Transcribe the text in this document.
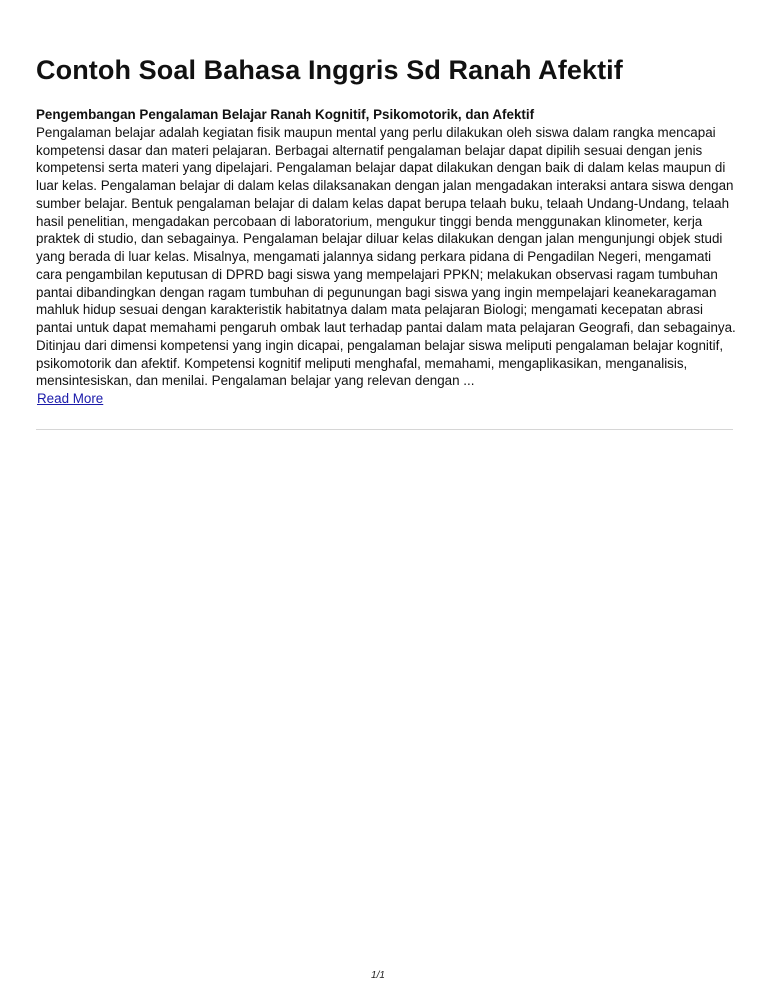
Contoh Soal Bahasa Inggris Sd Ranah Afektif
Pengembangan Pengalaman Belajar Ranah Kognitif, Psikomotorik, dan Afektif

Pengalaman belajar adalah kegiatan fisik maupun mental yang perlu dilakukan oleh siswa dalam rangka mencapai kompetensi dasar dan materi pelajaran. Berbagai alternatif pengalaman belajar dapat dipilih sesuai dengan jenis kompetensi serta materi yang dipelajari. Pengalaman belajar dapat dilakukan dengan baik di dalam kelas maupun di luar kelas. Pengalaman belajar di dalam kelas dilaksanakan dengan jalan mengadakan interaksi antara siswa dengan sumber belajar. Bentuk pengalaman belajar di dalam kelas dapat berupa telaah buku, telaah Undang-Undang, telaah hasil penelitian, mengadakan percobaan di laboratorium, mengukur tinggi benda menggunakan klinometer, kerja praktek di studio, dan sebagainya. Pengalaman belajar diluar kelas dilakukan dengan jalan mengunjungi objek studi yang berada di luar kelas. Misalnya, mengamati jalannya sidang perkara pidana di Pengadilan Negeri, mengamati cara pengambilan keputusan di DPRD bagi siswa yang mempelajari PPKN; melakukan observasi ragam tumbuhan pantai dibandingkan dengan ragam tumbuhan di pegunungan bagi siswa yang ingin mempelajari keanekaragaman mahluk hidup sesuai dengan karakteristik habitatnya dalam mata pelajaran Biologi; mengamati kecepatan abrasi pantai untuk dapat memahami pengaruh ombak laut terhadap pantai dalam mata pelajaran Geografi, dan sebagainya. Ditinjau dari dimensi kompetensi yang ingin dicapai, pengalaman belajar siswa meliputi pengalaman belajar kognitif, psikomotorik dan afektif. Kompetensi kognitif meliputi menghafal, memahami, mengaplikasikan, menganalisis, mensintesiskan, dan menilai. Pengalaman belajar yang relevan dengan ...

Read More
1/1
